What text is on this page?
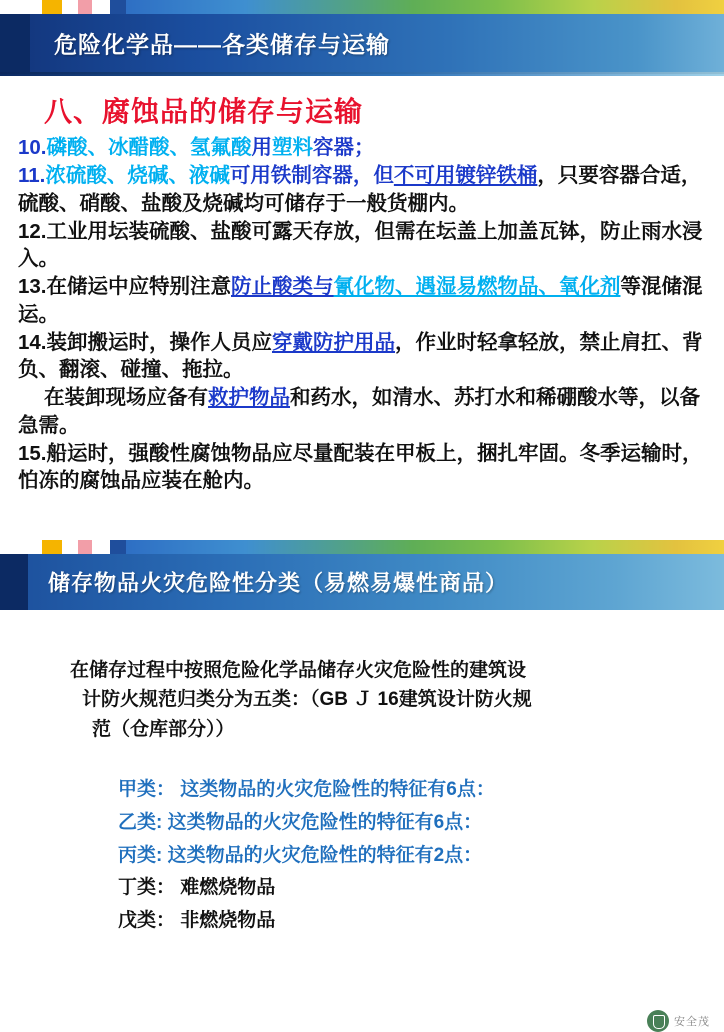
危险化学品——各类储存与运输
八、腐蚀品的储存与运输

10.磷酸、冰醋酸、氢氟酸用塑料容器；

11.浓硫酸、烧碱、液碱可用铁制容器，但不可用镀锌铁桶，只要容器合适，硫酸、硝酸、盐酸及烧碱均可储存于一般货棚内。

12.工业用坛装硫酸、盐酸可露天存放，但需在坛盖上加盖瓦钵，防止雨水浸入。

13.在储运中应特别注意防止酸类与氰化物、遇湿易燃物品、氧化剂等混储混运。

14.装卸搬运时，操作人员应穿戴防护用品，作业时轻拿轻放，禁止肩扛、背负、翻滚、碰撞、拖拉。

在装卸现场应备有救护物品和药水，如清水、苏打水和稀硼酸水等，以备急需。

15.船运时，强酸性腐蚀物品应尽量配装在甲板上，捆扎牢固。冬季运输时，怕冻的腐蚀品应装在舱内。

储存物品火灾危险性分类（易燃易爆性商品）

在储存过程中按照危险化学品储存火灾危险性的建筑设

计防火规范归类分为五类：（GB Ｊ 16建筑设计防火规

范（仓库部分））

甲类： 这类物品的火灾危险性的特征有6点：
乙类: 这类物品的火灾危险性的特征有6点：
丙类: 这类物品的火灾危险性的特征有2点：
丁类： 难燃烧物品
戊类： 非燃烧物品
安全茂
